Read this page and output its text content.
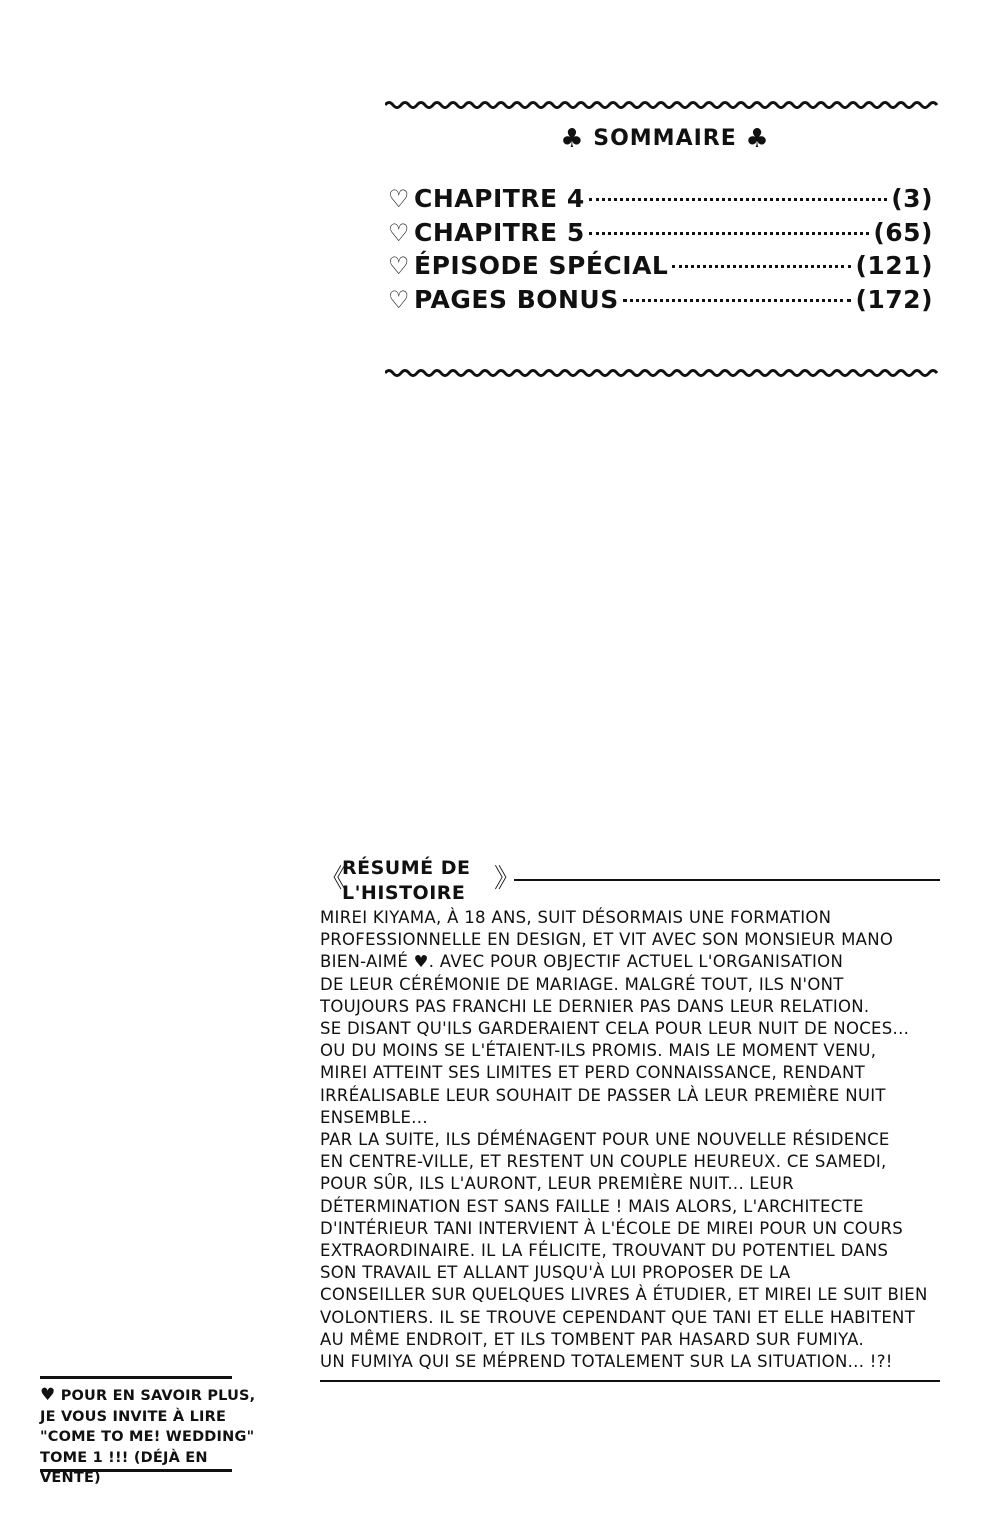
♣ SOMMAIRE ♣
♡ CHAPITRE 4	(3)
♡ CHAPITRE 5	(65)
♡ ÉPISODE SPÉCIAL	(121)
♡ PAGES BONUS	(172)
《
RÉSUMÉ DE
L'HISTOIRE	》

MIREI KIYAMA, À 18 ANS, SUIT DÉSORMAIS UNE FORMATION
PROFESSIONNELLE EN DESIGN, ET VIT AVEC SON MONSIEUR MANO
BIEN-AIMÉ ♥. AVEC POUR OBJECTIF ACTUEL L'ORGANISATION
DE LEUR CÉRÉMONIE DE MARIAGE. MALGRÉ TOUT, ILS N'ONT
TOUJOURS PAS FRANCHI LE DERNIER PAS DANS LEUR RELATION.
SE DISANT QU'ILS GARDERAIENT CELA POUR LEUR NUIT DE NOCES...
OU DU MOINS SE L'ÉTAIENT-ILS PROMIS. MAIS LE MOMENT VENU,
MIREI ATTEINT SES LIMITES ET PERD CONNAISSANCE, RENDANT
IRRÉALISABLE LEUR SOUHAIT DE PASSER LÀ LEUR PREMIÈRE NUIT
ENSEMBLE...

PAR LA SUITE, ILS DÉMÉNAGENT POUR UNE NOUVELLE RÉSIDENCE
EN CENTRE-VILLE, ET RESTENT UN COUPLE HEUREUX. CE SAMEDI,
POUR SÛR, ILS L'AURONT, LEUR PREMIÈRE NUIT... LEUR
DÉTERMINATION EST SANS FAILLE ! MAIS ALORS, L'ARCHITECTE
D'INTÉRIEUR TANI INTERVIENT À L'ÉCOLE DE MIREI POUR UN COURS
EXTRAORDINAIRE. IL LA FÉLICITE, TROUVANT DU POTENTIEL DANS
SON TRAVAIL ET ALLANT JUSQU'À LUI PROPOSER DE LA
CONSEILLER SUR QUELQUES LIVRES À ÉTUDIER, ET MIREI LE SUIT BIEN
VOLONTIERS. IL SE TROUVE CEPENDANT QUE TANI ET ELLE HABITENT
AU MÊME ENDROIT, ET ILS TOMBENT PAR HASARD SUR FUMIYA.
UN FUMIYA QUI SE MÉPREND TOTALEMENT SUR LA SITUATION... !?!

♥ POUR EN SAVOIR PLUS,
JE VOUS INVITE À LIRE
"COME TO ME! WEDDING"
TOME 1 !!! (DÉJÀ EN VENTE)
